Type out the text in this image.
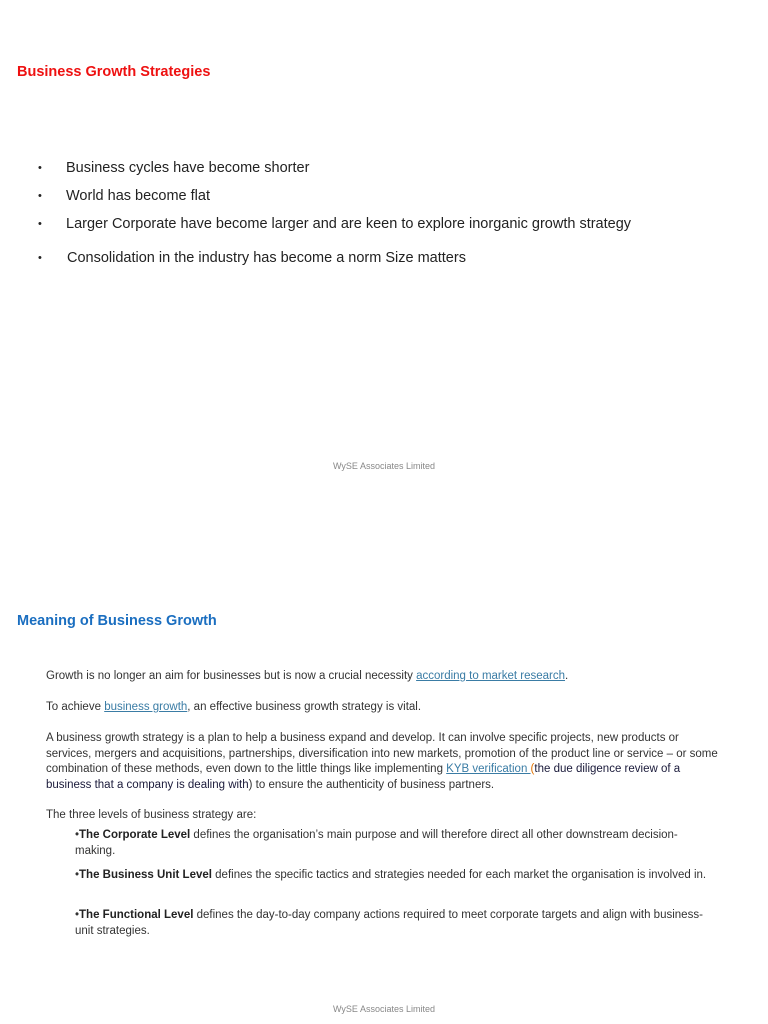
Business Growth Strategies
• Business cycles have become shorter
• World has become flat
• Larger Corporate have become larger and are keen to explore inorganic growth strategy
• Consolidation in the industry has become a norm Size matters
WySE Associates Limited
Meaning of Business Growth

Growth is no longer an aim for businesses but is now a crucial necessity according to market research.

To achieve business growth, an effective business growth strategy is vital.

A business growth strategy is a plan to help a business expand and develop. It can involve specific projects, new products or services, mergers and acquisitions, partnerships, diversification into new markets, promotion of the product line or service – or some combination of these methods, even down to the little things like implementing KYB verification (the due diligence review of a business that a company is dealing with) to ensure the authenticity of business partners.

The three levels of business strategy are:

•The Corporate Level defines the organisation’s main purpose and will therefore direct all other downstream decision-making.

•The Business Unit Level defines the specific tactics and strategies needed for each market the organisation is involved in.

•The Functional Level defines the day-to-day company actions required to meet corporate targets and align with business-unit strategies.

WySE Associates Limited
